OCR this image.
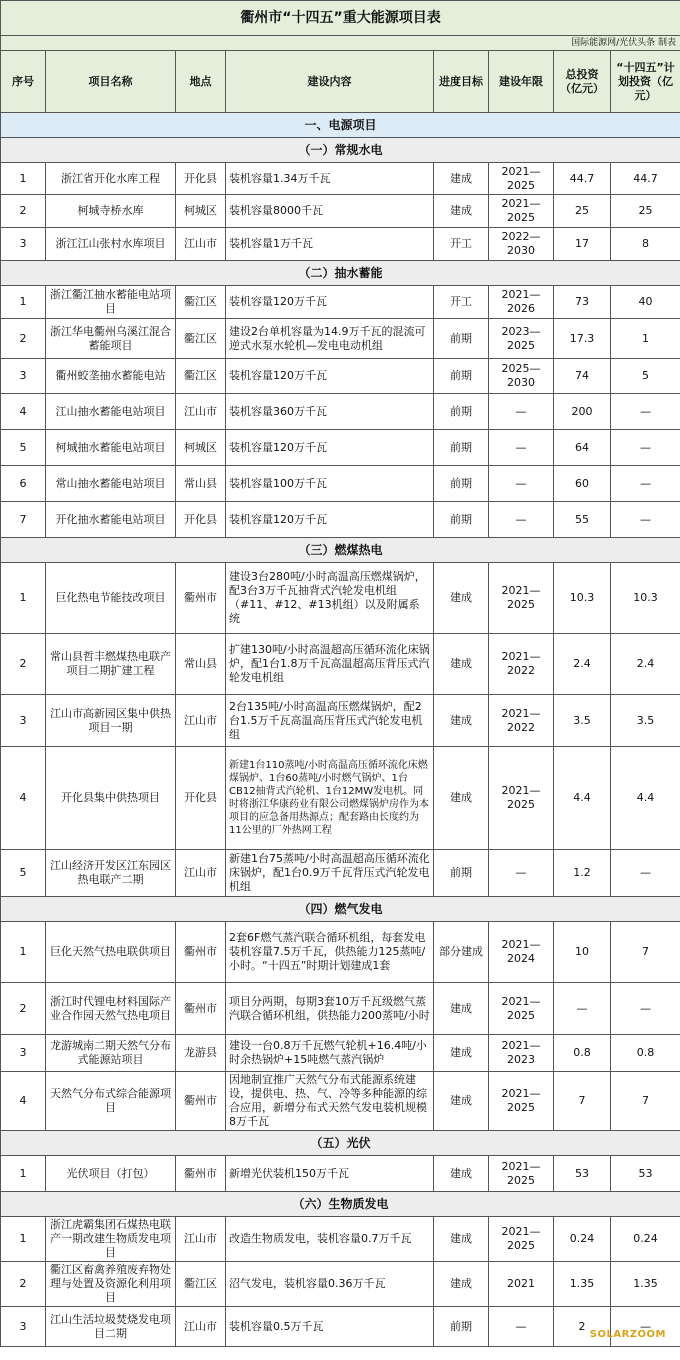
衢州市“十四五”重大能源项目表							
国际能源网/光伏头条 制表							
序号	项目名称	地点	建设内容	进度目标	建设年限	总投资（亿元）	“十四五”计划投资（亿元）
一、电源项目							
（一）常规水电							
1	浙江省开化水库工程	开化县	装机容量1.34万千瓦	建成	2021—2025	44.7	44.7
2	柯城寺桥水库	柯城区	装机容量8000千瓦	建成	2021—2025	25	25
3	浙江江山张村水库项目	江山市	装机容量1万千瓦	开工	2022—2030	17	8
（二）抽水蓄能							
1	浙江衢江抽水蓄能电站项目	衢江区	装机容量120万千瓦	开工	2021—2026	73	40
2	浙江华电衢州乌溪江混合蓄能项目	衢江区	建设2台单机容量为14.9万千瓦的混流可逆式水泵水轮机—发电电动机组	前期	2023—2025	17.3	1
3	衢州蛟垄抽水蓄能电站	衢江区	装机容量120万千瓦	前期	2025—2030	74	5
4	江山抽水蓄能电站项目	江山市	装机容量360万千瓦	前期	—	200	—
5	柯城抽水蓄能电站项目	柯城区	装机容量120万千瓦	前期	—	64	—
6	常山抽水蓄能电站项目	常山县	装机容量100万千瓦	前期	—	60	—
7	开化抽水蓄能电站项目	开化县	装机容量120万千瓦	前期	—	55	—
（三）燃煤热电							
1	巨化热电节能技改项目	衢州市	建设3台280吨/小时高温高压燃煤锅炉，配3台3万千瓦抽背式汽轮发电机组（#11、#12、#13机组）以及附属系统	建成	2021—2025	10.3	10.3
2	常山县哲丰燃煤热电联产项目二期扩建工程	常山县	扩建130吨/小时高温超高压循环流化床锅炉，配1台1.8万千瓦高温超高压背压式汽轮发电机组	建成	2021—2022	2.4	2.4
3	江山市高新园区集中供热项目一期	江山市	2台135吨/小时高温高压燃煤锅炉，配2台1.5万千瓦高温高压背压式汽轮发电机组	建成	2021—2022	3.5	3.5
4	开化县集中供热项目	开化县	新建1台110蒸吨/小时高温高压循环流化床燃煤锅炉、1台60蒸吨/小时燃气锅炉、1台CB12抽背式汽轮机、1台12MW发电机。同时将浙江华康药业有限公司燃煤锅炉房作为本项目的应急备用热源点；配套路由长度约为11公里的厂外热网工程	建成	2021—2025	4.4	4.4
5	江山经济开发区江东园区热电联产二期	江山市	新建1台75蒸吨/小时高温超高压循环流化床锅炉，配1台0.9万千瓦背压式汽轮发电机组	前期	—	1.2	—
（四）燃气发电							
1	巨化天然气热电联供项目	衢州市	2套6F燃气蒸汽联合循环机组，每套发电装机容量7.5万千瓦，供热能力125蒸吨/小时。“十四五”时期计划建成1套	部分建成	2021—2024	10	7
2	浙江时代锂电材料国际产业合作园天然气热电项目	衢州市	项目分两期，每期3套10万千瓦级燃气蒸汽联合循环机组，供热能力200蒸吨/小时	建成	2021—2025	—	—
3	龙游城南二期天然气分布式能源站项目	龙游县	建设一台0.8万千瓦燃气轮机+16.4吨/小时余热锅炉+15吨燃气蒸汽锅炉	建成	2021—2023	0.8	0.8
4	天然气分布式综合能源项目	衢州市	因地制宜推广天然气分布式能源系统建设，提供电、热、气、冷等多种能源的综合应用，新增分布式天然气发电装机规模8万千瓦	建成	2021—2025	7	7
（五）光伏							
1	光伏项目（打包）	衢州市	新增光伏装机150万千瓦	建成	2021—2025	53	53
（六）生物质发电							
1	浙江虎霸集团石煤热电联产一期改建生物质发电项目	江山市	改造生物质发电，装机容量0.7万千瓦	建成	2021—2025	0.24	0.24
2	衢江区畜禽养殖废弃物处理与处置及资源化利用项目	衢江区	沼气发电，装机容量0.36万千瓦	建成	2021	1.35	1.35
3	江山生活垃圾焚烧发电项目二期	江山市	装机容量0.5万千瓦	前期	—	2	—
SOLARZOOM
